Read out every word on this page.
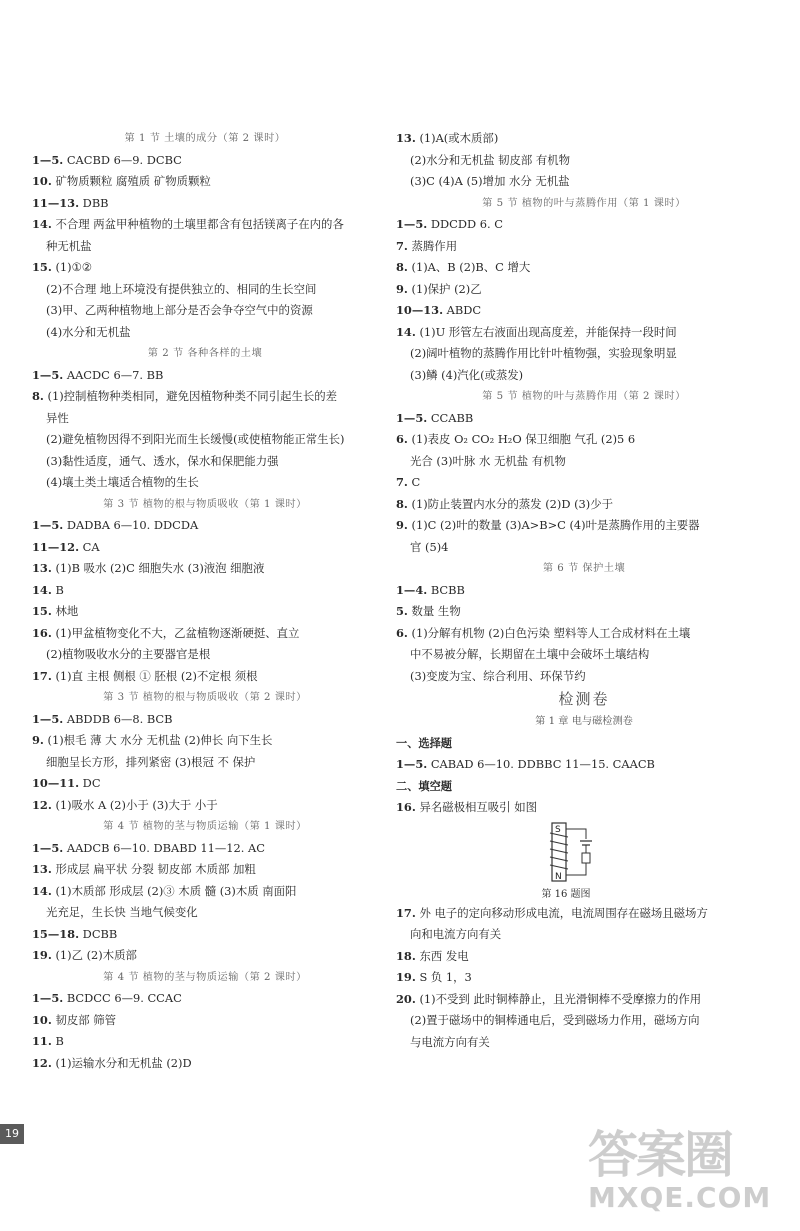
第 1 节 土壤的成分（第 2 课时）
1—5. CACBD 6—9. DCBC
10. 矿物质颗粒 腐殖质 矿物质颗粒
11—13. DBB
14. 不合理 两盆甲种植物的土壤里都含有包括镁离子在内的各
种无机盐
15. (1)①②
(2)不合理 地上环境没有提供独立的、相同的生长空间
(3)甲、乙两种植物地上部分是否会争夺空气中的资源
(4)水分和无机盐
第 2 节 各种各样的土壤
1—5. AACDC 6—7. BB
8. (1)控制植物种类相同，避免因植物种类不同引起生长的差
异性
(2)避免植物因得不到阳光而生长缓慢(或使植物能正常生长)
(3)黏性适度，通气、透水，保水和保肥能力强
(4)壤土类土壤适合植物的生长
第 3 节 植物的根与物质吸收（第 1 课时）
1—5. DADBA 6—10. DDCDA
11—12. CA
13. (1)B 吸水 (2)C 细胞失水 (3)液泡 细胞液
14. B
15. 林地
16. (1)甲盆植物变化不大，乙盆植物逐渐硬挺、直立
(2)植物吸收水分的主要器官是根
17. (1)直 主根 侧根 ① 胚根 (2)不定根 须根
第 3 节 植物的根与物质吸收（第 2 课时）
1—5. ABDDB 6—8. BCB
9. (1)根毛 薄 大 水分 无机盐 (2)伸长 向下生长
细胞呈长方形，排列紧密 (3)根冠 不 保护
10—11. DC
12. (1)吸水 A (2)小于 (3)大于 小于
第 4 节 植物的茎与物质运输（第 1 课时）
1—5. AADCB 6—10. DBABD 11—12. AC
13. 形成层 扁平状 分裂 韧皮部 木质部 加粗
14. (1)木质部 形成层 (2)③ 木质 髓 (3)木质 南面阳
光充足，生长快 当地气候变化
15—18. DCBB
19. (1)乙 (2)木质部
第 4 节 植物的茎与物质运输（第 2 课时）
1—5. BCDCC 6—9. CCAC
10. 韧皮部 筛管
11. B
12. (1)运输水分和无机盐 (2)D
13. (1)A(或木质部)
(2)水分和无机盐 韧皮部 有机物
(3)C (4)A (5)增加 水分 无机盐
第 5 节 植物的叶与蒸腾作用（第 1 课时）
1—5. DDCDD 6. C
7. 蒸腾作用
8. (1)A、B (2)B、C 增大
9. (1)保护 (2)乙
10—13. ABDC
14. (1)U 形管左右液面出现高度差，并能保持一段时间
(2)阔叶植物的蒸腾作用比针叶植物强，实验现象明显
(3)鳞 (4)汽化(或蒸发)
第 5 节 植物的叶与蒸腾作用（第 2 课时）
1—5. CCABB
6. (1)表皮 O₂ CO₂ H₂O 保卫细胞 气孔 (2)5 6
光合 (3)叶脉 水 无机盐 有机物
7. C
8. (1)防止装置内水分的蒸发 (2)D (3)少于
9. (1)C (2)叶的数量 (3)A>B>C (4)叶是蒸腾作用的主要器
官 (5)4
第 6 节 保护土壤
1—4. BCBB
5. 数量 生物
6. (1)分解有机物 (2)白色污染 塑料等人工合成材料在土壤
中不易被分解，长期留在土壤中会破坏土壤结构
(3)变废为宝、综合利用、环保节约
检测卷
第 1 章 电与磁检测卷
一、选择题
1—5. CABAD 6—10. DDBBC 11—15. CAACB
二、填空题
16. 异名磁极相互吸引 如图
S
N
第 16 题图
17. 外 电子的定向移动形成电流，电流周围存在磁场且磁场方
向和电流方向有关
18. 东西 发电
19. S 负 1，3
20. (1)不受到 此时铜棒静止，且光滑铜棒不受摩擦力的作用
(2)置于磁场中的铜棒通电后，受到磁场力作用，磁场方向
与电流方向有关
19	答案圈
MXQE.COM
